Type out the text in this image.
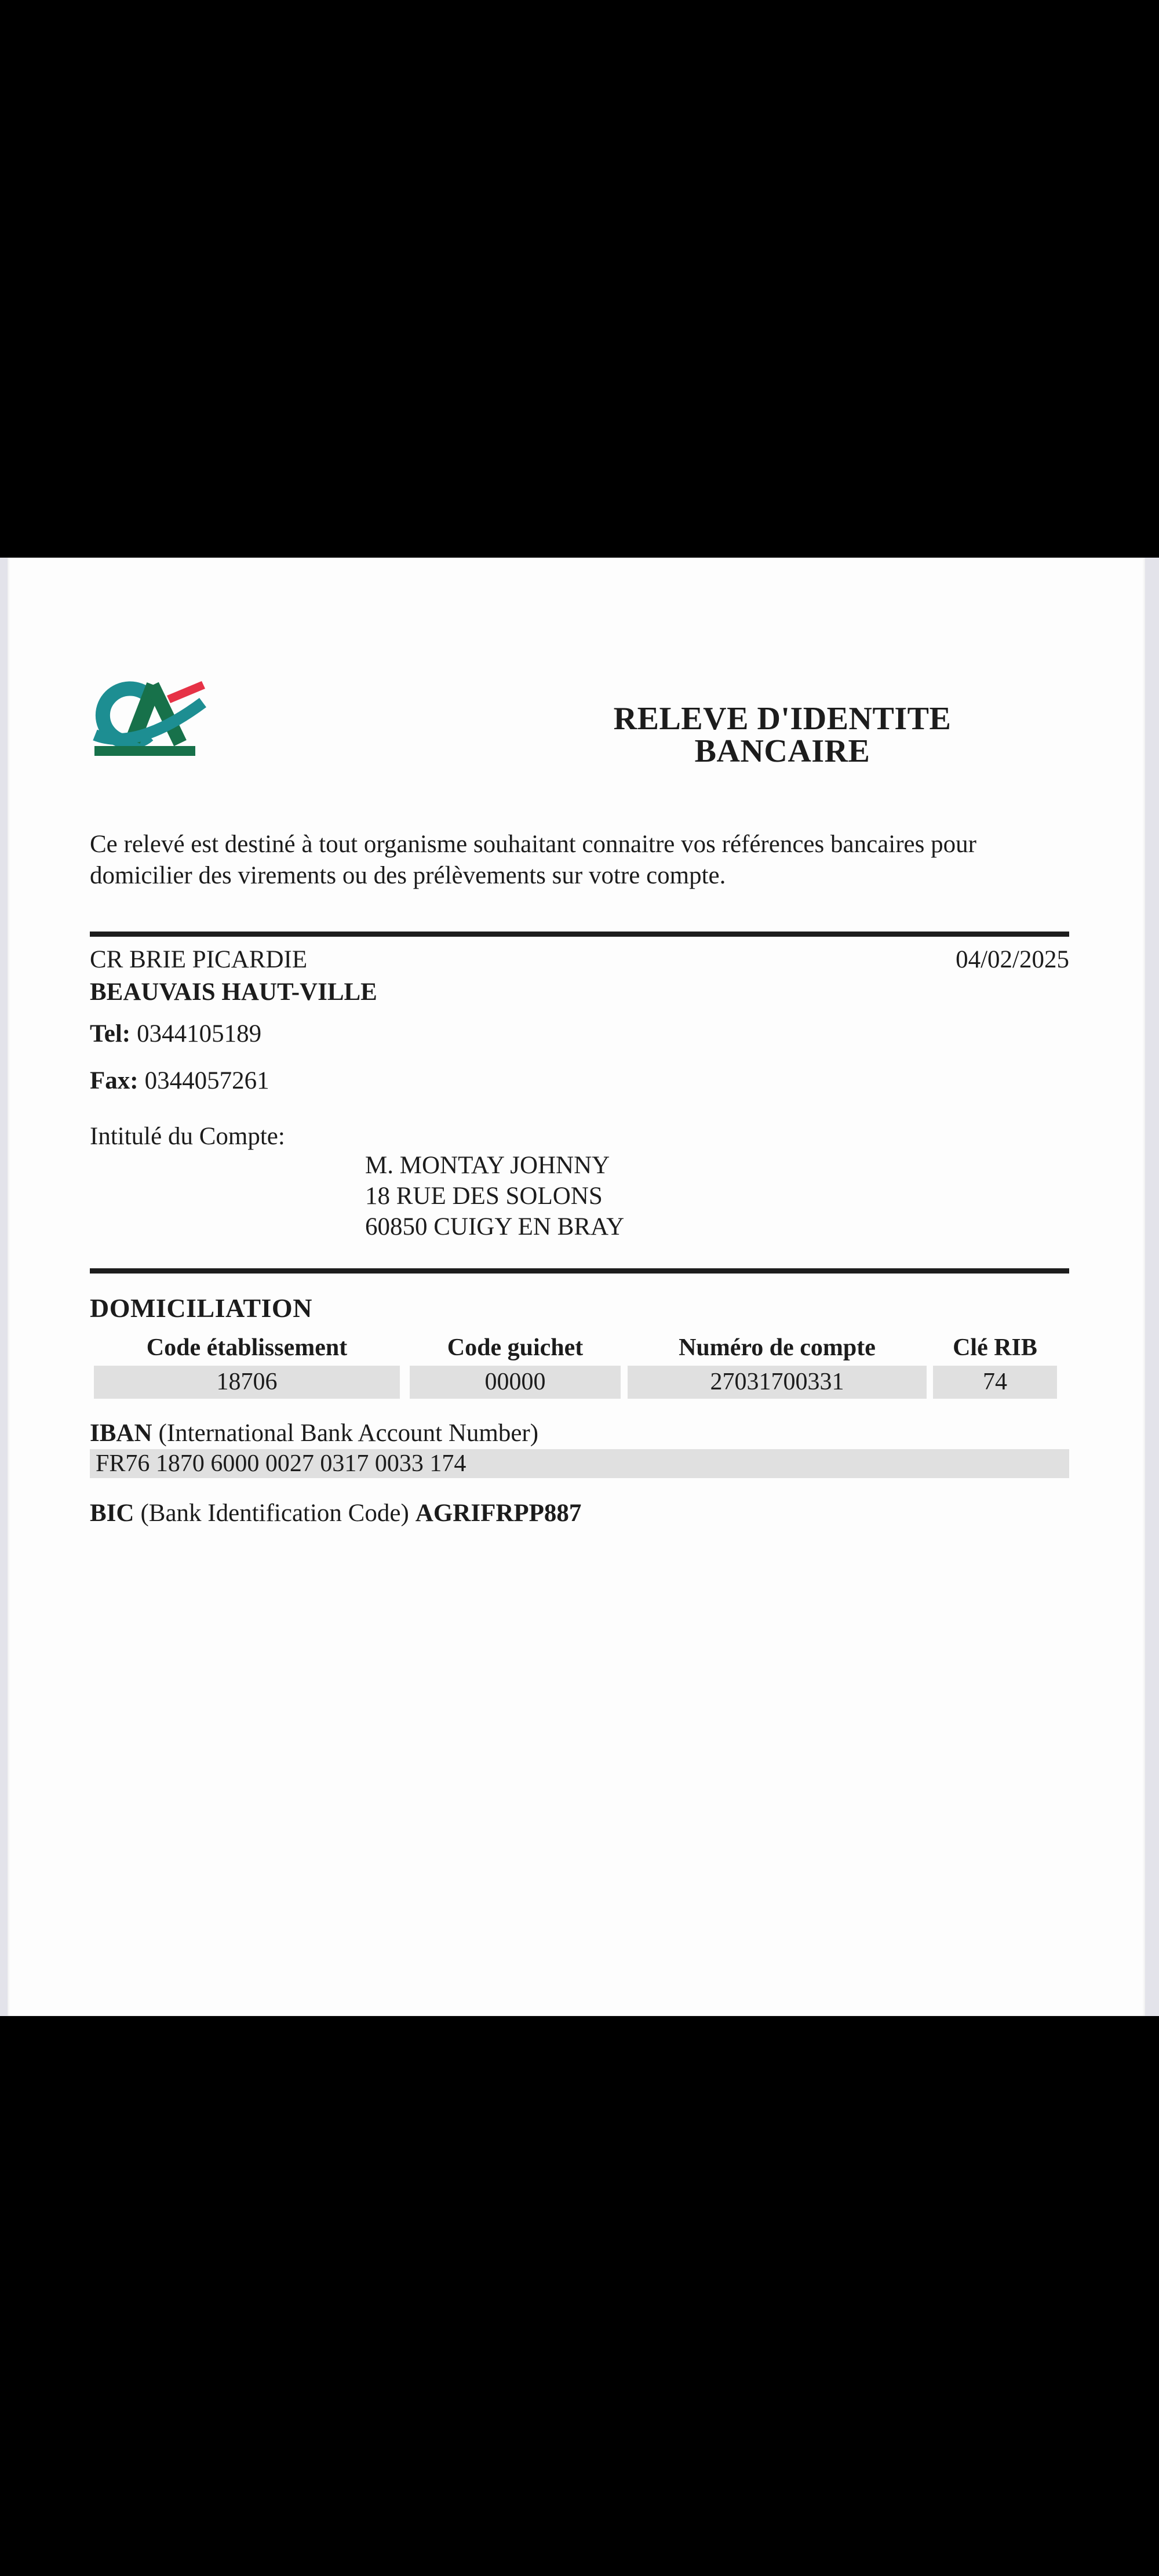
RELEVE D'IDENTITE BANCAIRE
Ce relevé est destiné à tout organisme souhaitant connaitre vos références bancaires pour
domicilier des virements ou des prélèvements sur votre compte.
CR BRIE PICARDIE	04/02/2025
BEAUVAIS HAUT-VILLE
Tel: 0344105189
Fax: 0344057261
Intitulé du Compte:
M. MONTAY JOHNNY
18 RUE DES SOLONS
60850 CUIGY EN BRAY
DOMICILIATION
Code établissement	Code guichet	Numéro de compte	Clé RIB
18706	00000	27031700331	74
IBAN (International Bank Account Number)
FR76 1870 6000 0027 0317 0033 174
BIC (Bank Identification Code) AGRIFRPP887
